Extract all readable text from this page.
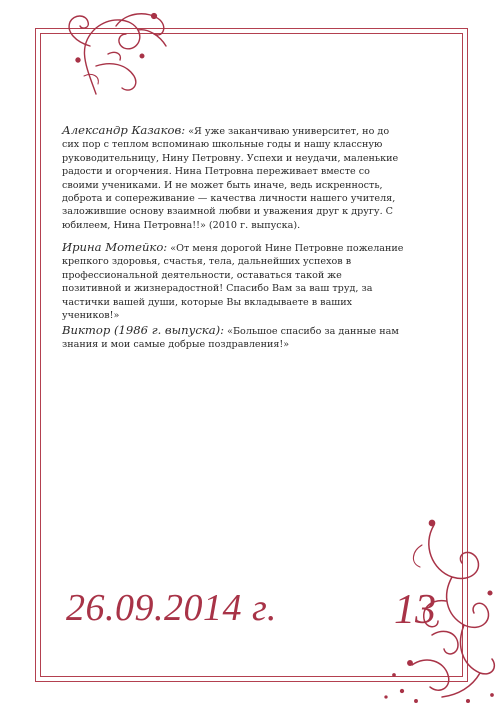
Александр Казаков: «Я уже заканчиваю университет, но до сих пор с теплом вспоминаю школьные годы и нашу классную руководительницу, Нину Петровну. Успехи и неудачи, маленькие радости и огорчения. Нина Петровна переживает вместе со своими учениками. И не может быть иначе, ведь искренность, доброта и сопереживание — качества личности нашего учителя, заложившие основу взаимной любви и уважения друг к другу. С юбилеем, Нина Петровна!!» (2010 г. выпуска).
Ирина Мотейко: «От меня дорогой Нине Петровне пожелание крепкого здоровья, счастья, тела, дальнейших успехов в профессиональной деятельности, оставаться такой же позитивной и жизнерадостной! Спасибо Вам за ваш труд, за частички вашей души, которые Вы вкладываете в ваших учеников!»
Виктор (1986 г. выпуска): «Большое спасибо за данные нам знания и мои самые добрые поздравления!»
26.09.2014 г.	13
